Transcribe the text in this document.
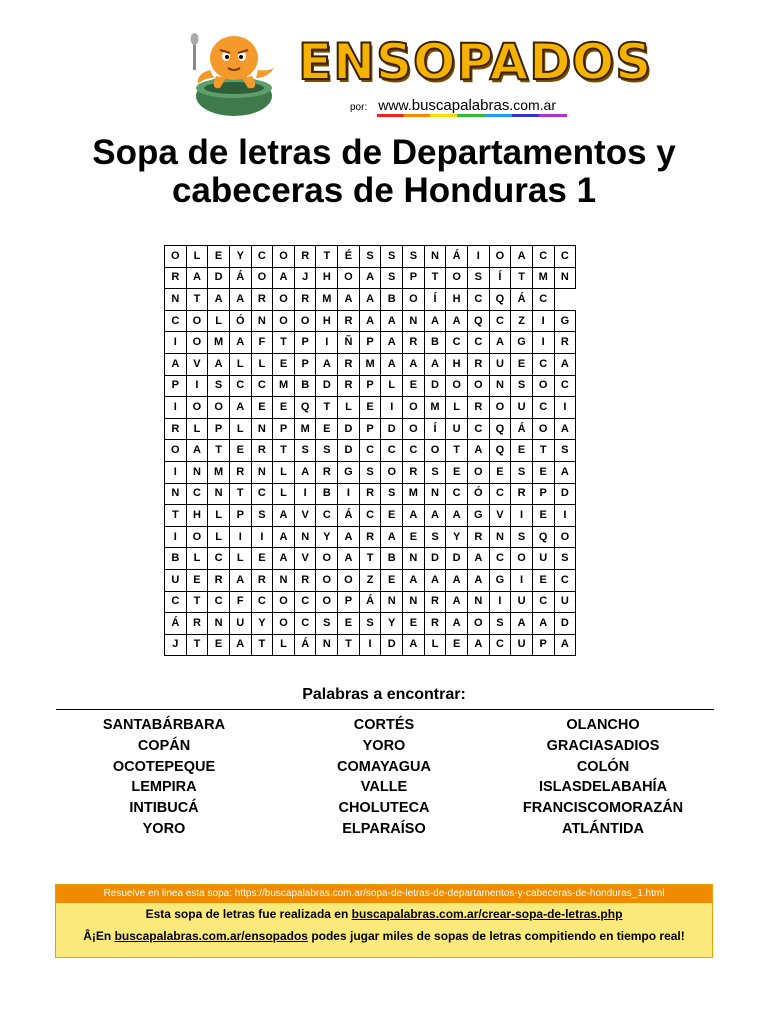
ENSOPADOS
por: www.buscapalabras.com.ar
Sopa de letras de Departamentos y
cabeceras de Honduras 1
O	L	E	Y	C	O	R	T	É	S	S	S	N	Á	I	O	A	C	C
R	A	D	Á	O	A	J	H	O	A	S	P	T	O	S	Í	T	M	N
N	T	A	A	R	O	R	M	A	A	B	O	Í	H	C	Q	Á	C	
C	O	L	Ó	N	O	O	H	R	A	A	N	A	A	Q	C	Z	I	G
I	O	M	A	F	T	P	I	Ñ	P	A	R	B	C	C	A	G	I	R
A	V	A	L	L	E	P	A	R	M	A	A	A	H	R	U	E	C	A
P	I	S	C	C	M	B	D	R	P	L	E	D	O	O	N	S	O	C
I	O	O	A	E	E	Q	T	L	E	I	O	M	L	R	O	U	C	I
R	L	P	L	N	P	M	E	D	P	D	O	Í	U	C	Q	Á	O	A
O	A	T	E	R	T	S	S	D	C	C	C	O	T	A	Q	E	T	S
I	N	M	R	N	L	A	R	G	S	O	R	S	E	O	E	S	E	A
N	C	N	T	C	L	I	B	I	R	S	M	N	C	Ó	C	R	P	D
T	H	L	P	S	A	V	C	Á	C	E	A	A	A	G	V	I	E	I
I	O	L	I	I	A	N	Y	A	R	A	E	S	Y	R	N	S	Q	O
B	L	C	L	E	A	V	O	A	T	B	N	D	D	A	C	O	U	S
U	E	R	A	R	N	R	O	O	Z	E	A	A	A	A	G	I	E	C
C	T	C	F	C	O	C	O	P	Á	N	N	R	A	N	I	U	C	U
Á	R	N	U	Y	O	C	S	E	S	Y	E	R	A	O	S	A	A	D
J	T	E	A	T	L	Á	N	T	I	D	A	L	E	A	C	U	P	A
Palabras a encontrar:
SANTABÁRBARA
COPÁN
OCOTEPEQUE
LEMPIRA
INTIBUCÁ
YORO
CORTÉS
YORO
COMAYAGUA
VALLE
CHOLUTECA
ELPARAÍSO
OLANCHO
GRACIASADIOS
COLÓN
ISLASDELABAHÍA
FRANCISCOMORAZÁN
ATLÁNTIDA
Resuelve en linea esta sopa: https://buscapalabras.com.ar/sopa-de-letras-de-departamentos-y-cabeceras-de-honduras_1.html
Esta sopa de letras fue realizada en buscapalabras.com.ar/crear-sopa-de-letras.php
Â¡En buscapalabras.com.ar/ensopados podes jugar miles de sopas de letras compitiendo en tiempo real!
